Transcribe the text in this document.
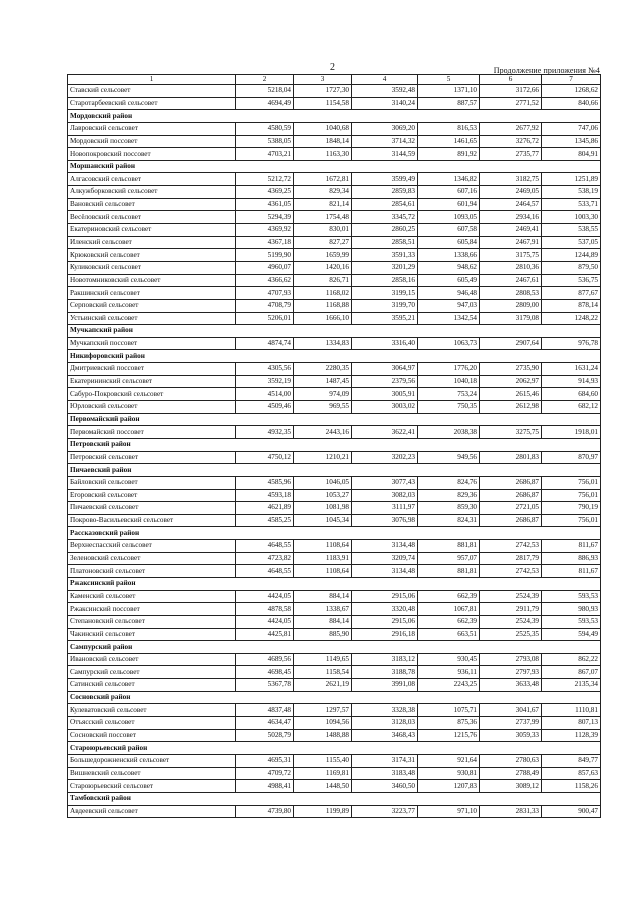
2	Продолжение приложения №4
1	2	3	4	5	6	7
Ставский сельсовет	5218,04	1727,30	3592,48	1371,10	3172,66	1268,62
Старотарбеевский сельсовет	4694,49	1154,58	3140,24	887,57	2771,52	840,66
Мордовский район						
Лавровский сельсовет	4580,59	1040,68	3069,20	816,53	2677,92	747,06
Мордовский поссовет	5388,05	1848,14	3714,32	1461,65	3276,72	1345,86
Новопокровский поссовет	4703,21	1163,30	3144,59	891,92	2735,77	804,91
Моршанский район						
Алгасовский сельсовет	5212,72	1672,81	3599,49	1346,82	3182,75	1251,89
Алкужборковский сельсовет	4369,25	829,34	2859,83	607,16	2469,05	538,19
Вановский сельсовет	4361,05	821,14	2854,61	601,94	2464,57	533,71
Весёловский сельсовет	5294,39	1754,48	3345,72	1093,05	2934,16	1003,30
Екатериновский сельсовет	4369,92	830,01	2860,25	607,58	2469,41	538,55
Иленский сельсовет	4367,18	827,27	2858,51	605,84	2467,91	537,05
Крюковский сельсовет	5199,90	1659,99	3591,33	1338,66	3175,75	1244,89
Куликовский сельсовет	4960,07	1420,16	3201,29	948,62	2810,36	879,50
Новотомниковский сельсовет	4366,62	826,71	2858,16	605,49	2467,61	536,75
Ракшинский сельсовет	4707,93	1168,02	3199,15	946,48	2808,53	877,67
Серповский сельсовет	4708,79	1168,88	3199,70	947,03	2809,00	878,14
Устьинский сельсовет	5206,01	1666,10	3595,21	1342,54	3179,08	1248,22
Мучкапский район						
Мучкапский поссовет	4874,74	1334,83	3316,40	1063,73	2907,64	976,78
Никифоровский район						
Дмитриевский поссовет	4305,56	2280,35	3064,97	1776,20	2735,90	1631,24
Екатерининский сельсовет	3592,19	1487,45	2379,56	1040,18	2062,97	914,93
Сабуро-Покровский сельсовет	4514,00	974,09	3005,91	753,24	2615,46	684,60
Юрловский сельсовет	4509,46	969,55	3003,02	750,35	2612,98	682,12
Первомайский район						
Первомайский поссовет	4932,35	2443,16	3622,41	2038,38	3275,75	1918,01
Петровский район						
Петровский сельсовет	4750,12	1210,21	3202,23	949,56	2801,83	870,97
Пичаевский район						
Байловский сельсовет	4585,96	1046,05	3077,43	824,76	2686,87	756,01
Егоровский сельсовет	4593,18	1053,27	3082,03	829,36	2686,87	756,01
Пичаевский сельсовет	4621,89	1081,98	3111,97	859,30	2721,05	790,19
Покрово-Васильевский сельсовет	4585,25	1045,34	3076,98	824,31	2686,87	756,01
Рассказовский район						
Верхнеспасский сельсовет	4648,55	1108,64	3134,48	881,81	2742,53	811,67
Зеленовский сельсовет	4723,82	1183,91	3209,74	957,07	2817,79	886,93
Платоновский сельсовет	4648,55	1108,64	3134,48	881,81	2742,53	811,67
Ржаксинский район						
Каменский сельсовет	4424,05	884,14	2915,06	662,39	2524,39	593,53
Ржаксинский поссовет	4878,58	1338,67	3320,48	1067,81	2911,79	980,93
Степановский сельсовет	4424,05	884,14	2915,06	662,39	2524,39	593,53
Чакинский сельсовет	4425,81	885,90	2916,18	663,51	2525,35	594,49
Сампурский район						
Ивановский сельсовет	4689,56	1149,65	3183,12	930,45	2793,08	862,22
Сампурский сельсовет	4698,45	1158,54	3188,78	936,11	2797,93	867,07
Сатинский сельсовет	5367,78	2621,19	3991,08	2243,25	3633,48	2135,34
Сосновский район						
Кулеватовский сельсовет	4837,48	1297,57	3328,38	1075,71	3041,67	1110,81
Отъясский сельсовет	4634,47	1094,56	3128,03	875,36	2737,99	807,13
Сосновский поссовет	5028,79	1488,88	3468,43	1215,76	3059,33	1128,39
Староюрьевский район						
Большедорожненский сельсовет	4695,31	1155,40	3174,31	921,64	2780,63	849,77
Вишневский сельсовет	4709,72	1169,81	3183,48	930,81	2788,49	857,63
Староюрьевский сельсовет	4988,41	1448,50	3460,50	1207,83	3089,12	1158,26
Тамбовский район						
Авдеевский сельсовет	4739,80	1199,89	3223,77	971,10	2831,33	900,47
